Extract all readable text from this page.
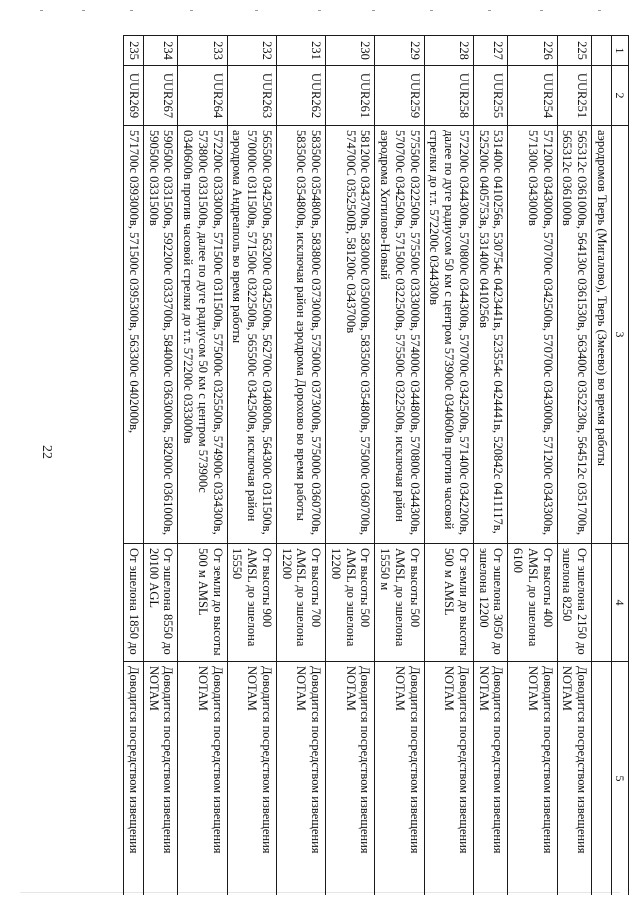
22
1	2	3	4	5
		аэродромов Тверь (Мигалово), Тверь (Змеево) во время работы		
225	UUR251	565312с 0361000в, 564130с 0361530в, 563400с 0352230в, 564512с 0351700в, 565312с 0361000в	От эшелона 2150 до эшелона 8250	Доводится посредством извещения NOTAM
226	UUR254	571200с 0343000в, 570700с 0342500в, 570700с 0343000в, 571200с 0343300в, 571300с 0343000в	От высоты 400 AMSL до эшелона 6100	Доводится посредством извещения NOTAM
227	UUR255	531400с 0410256в, 530754с 0423441в, 523554с 0424441в, 520842с 0411117в, 525200с 0405753в, 531400с 0410256в	От эшелона 3050 до эшелона 12200	Доводится посредством извещения NOTAM
228	UUR258	572200с 0344300в, 570800с 0344300в, 570700с 0342500в, 571400с 0342200в, далее по дуге радиусом 50 км с центром 573900с 0340600в против часовой стрелки до т.т. 572200с 0344300в	От земли до высоты 500 м AMSL	Доводится посредством извещения NOTAM
229	UUR259	575500с 0322500в, 575500с 0333000в, 574000с 0344800в, 570800с 0344300в, 570700с 0342500в, 571500с 0322500в, 575500с 0322500в, исключая район аэродрома Хотилово-Новый	От высоты 500 AMSL до эшелона 15550 м	Доводится посредством извещения NOTAM
230	UUR261	581200с 0343700в, 583000с 0350000в, 583500с 0354800в, 575000с 0360700в, 574700С 0352500В, 581200с 0343700в	От высоты 500 AMSL до эшелона 12200	Доводится посредством извещения NOTAM
231	UUR262	583500с 0354800в, 583800с 0373000в, 575000с 0373000в, 575000с 0360700в, 583500с 0354800в, исключая район аэродрома Дорохово во время работы	От высоты 700 AMSL до эшелона 12200	Доводится посредством извещения NOTAM
232	UUR263	565500с 0342500в, 563200с 0342500в, 562700с 0340800в, 564300с 0311500в, 570000с 0311500в, 571500с 0322500в, 565500с 0342500в, исключая район аэродрома Андреаполь во время работы	От высоты 900 AMSL до эшелона 15550	Доводится посредством извещения NOTAM
233	UUR264	572200с 0333000в, 571500с 0311500в, 575000с 0325500в, 574900с 0334300в, 573800с 0331500в, далее по дуге радиусом 50 км с центром 573900с 0340600в против часовой стрелки до т.т. 572200с 0333000в	От земли до высоты 500 м AMSL	Доводится посредством извещения NOTAM
234	UUR267	590500с 0331500в, 592200с 0333700в, 584000с 0363000в, 582000с 0361000в, 590500с 0331500в	От эшелона 8550 до 20100 AGL	Доводится посредством извещения NOTAM
235	UUR269	571700с 0393000в, 571500с 0395300в, 563300с 0402000в,	От эшелона 1850 до	Доводится посредством извещения
